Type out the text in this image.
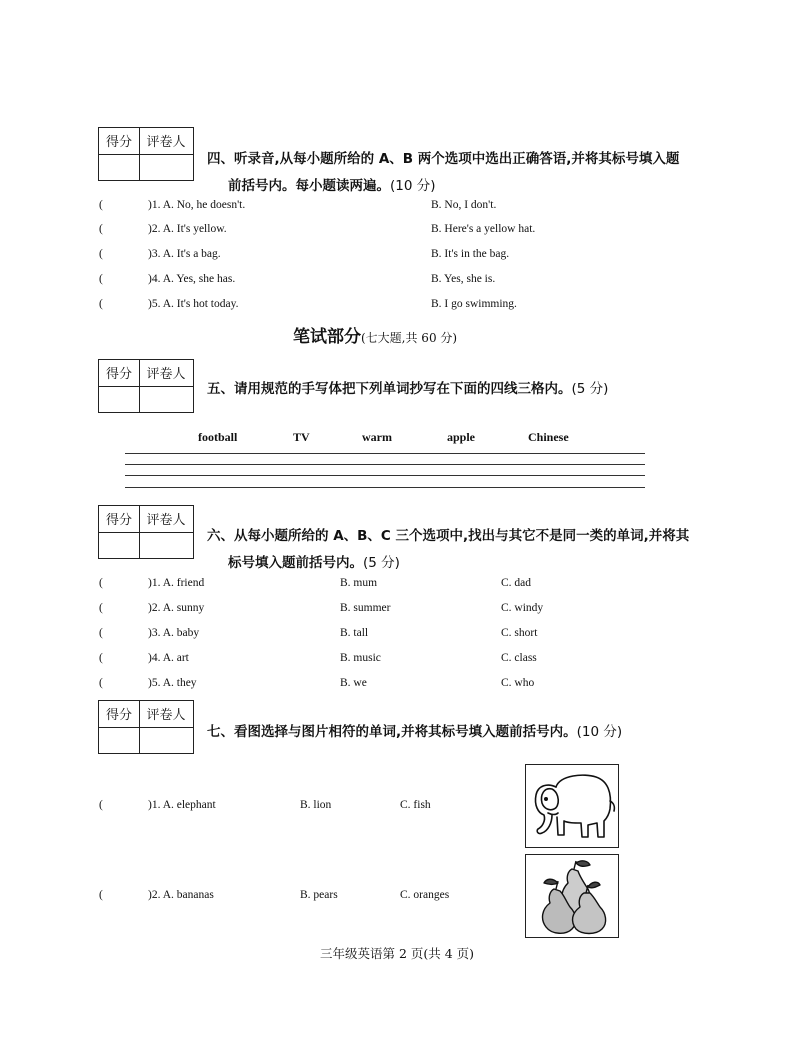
得分	评卷人
四、听录音,从每小题所给的 A、B 两个选项中选出正确答语,并将其标号填入题
前括号内。每小题读两遍。(10 分)
(	)1. A. No, he doesn't.	B. No, I don't.
(	)2. A. It's yellow.	B. Here's a yellow hat.
(	)3. A. It's a bag.	B. It's in the bag.
(	)4. A. Yes, she has.	B. Yes, she is.
(	)5. A. It's hot today.	B. I go swimming.
笔试部分(七大题,共 60 分)
得分	评卷人
五、请用规范的手写体把下列单词抄写在下面的四线三格内。(5 分)
football	TV	warm	apple	Chinese
得分	评卷人
六、从每小题所给的 A、B、C 三个选项中,找出与其它不是同一类的单词,并将其
标号填入题前括号内。(5 分)
(	)1. A. friend	B. mum	C. dad
(	)2. A. sunny	B. summer	C. windy
(	)3. A. baby	B. tall	C. short
(	)4. A. art	B. music	C. class
(	)5. A. they	B. we	C. who
得分	评卷人
七、看图选择与图片相符的单词,并将其标号填入题前括号内。(10 分)
(	)1. A. elephant	B. lion	C. fish
(	)2. A. bananas	B. pears	C. oranges
三年级英语第 2 页(共 4 页)
